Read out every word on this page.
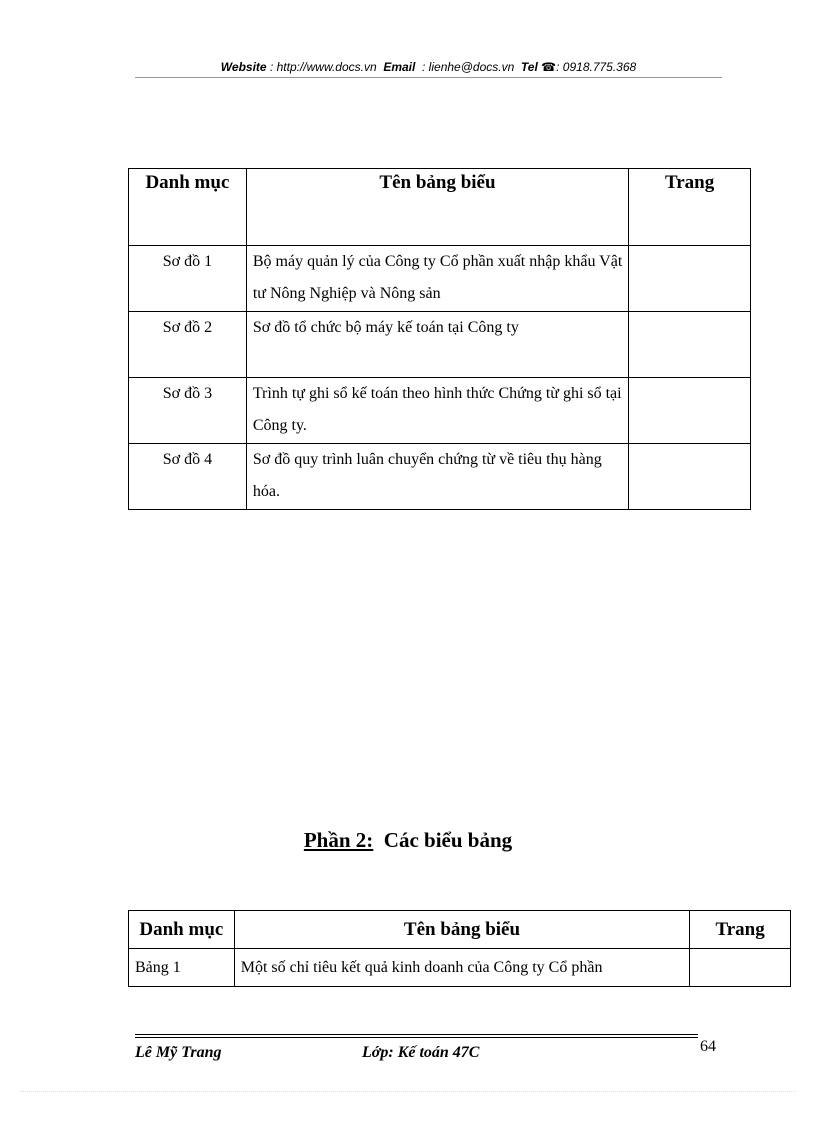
Website : http://www.docs.vn Email : lienhe@docs.vn Tel ☎: 0918.775.368
Danh mục	Tên bảng biểu	Trang
Sơ đồ 1	Bộ máy quản lý của Công ty Cổ phần xuất nhập khẩu Vật tư Nông Nghiệp và Nông sản	
Sơ đồ 2	Sơ đồ tổ chức bộ máy kế toán tại Công ty	
Sơ đồ 3	Trình tự ghi sổ kế toán theo hình thức Chứng từ ghi sổ tại Công ty.	
Sơ đồ 4	Sơ đồ quy trình luân chuyển chứng từ về tiêu thụ hàng hóa.	
Phần 2: Các biểu bảng
Danh mục	Tên bảng biểu	Trang
Bảng 1	Một số chỉ tiêu kết quả kinh doanh của Công ty Cổ phần	
Lê Mỹ Trang	Lớp: Kế toán 47C	64
